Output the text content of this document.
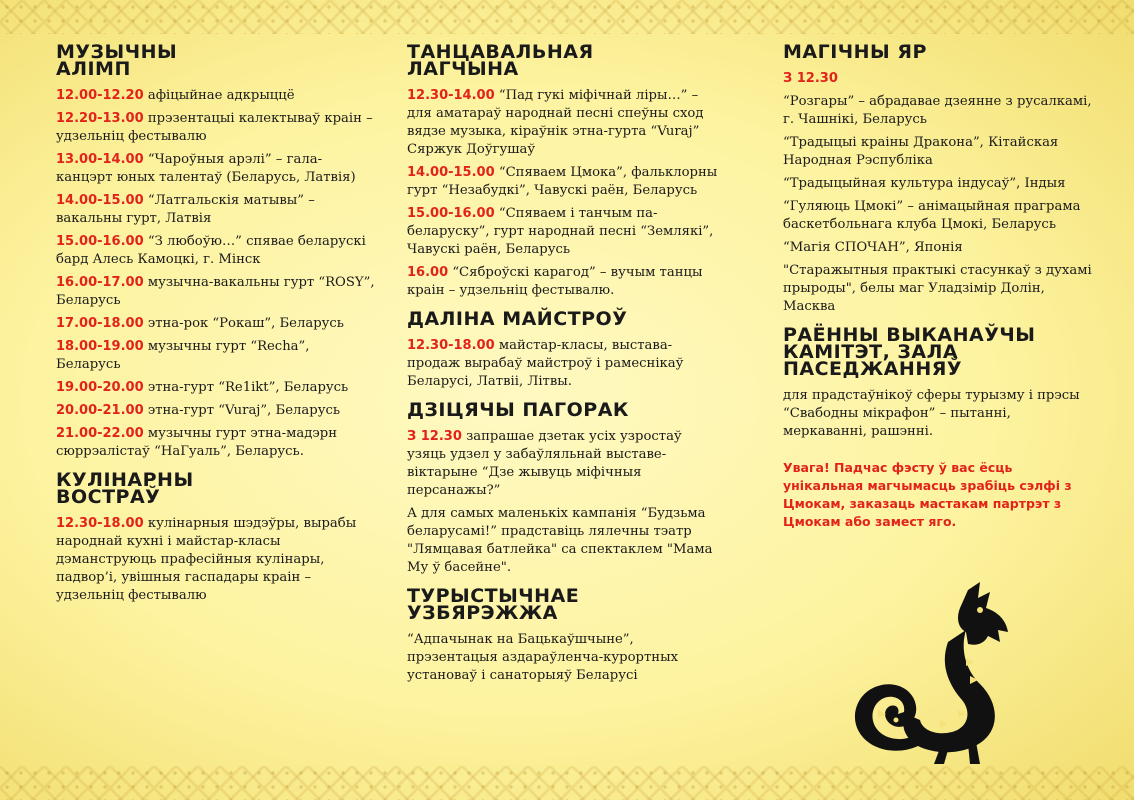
МУЗЫЧНЫ
АЛІМП
12.00-12.20 афіцыйнае адкрыццё
12.20-13.00 прэзентацыі калектываў краін – удзельніц фестывалю
13.00-14.00 “Чароўныя арэлі” – гала-канцэрт юных талентаў (Беларусь, Латвія)
14.00-15.00 “Латгальскія матывы” – вакальны гурт, Латвія
15.00-16.00 “З любоўю…” спявае беларускі бард Алесь Камоцкі, г. Мінск
16.00-17.00 музычна-вакальны гурт “ROSY”, Беларусь
17.00-18.00 этна-рок “Рокаш”, Беларусь
18.00-19.00 музычны гурт “Recha”, Беларусь
19.00-20.00 этна-гурт “Re1ikt”, Беларусь
20.00-21.00 этна-гурт “Vuraj”, Беларусь
21.00-22.00 музычны гурт этна-мадэрн сюррэалістаў “НаГуаль”, Беларусь.
КУЛІНАРНЫ
ВОСТРАЎ
12.30-18.00 кулінарныя шэдэўры, вырабы народнай кухні і майстар-класы дэманструюць прафесійныя кулінары, падвор’і, увішныя гаспадары краін – удзельніц фестывалю
ТАНЦАВАЛЬНАЯ
ЛАГЧЫНА
12.30-14.00 “Пад гукі міфічнай ліры…” – для аматараў народнай песні спеўны сход вядзе музыка, кіраўнік этна-гурта “Vuraj” Сяржук Доўгушаў
14.00-15.00 “Спяваем Цмока”, фальклорны гурт “Незабудкі”, Чавускі раён, Беларусь
15.00-16.00 “Спяваем і танчым па-беларуску”, гурт народнай песні “Землякі”, Чавускі раён, Беларусь
16.00 “Сяброўскі карагод” – вучым танцы краін – удзельніц фестывалю.
ДАЛІНА МАЙСТРОЎ
12.30-18.00 майстар-класы, выстава-продаж вырабаў майстроў і рамеснікаў Беларусі, Латвіі, Літвы.
ДЗІЦЯЧЫ ПАГОРАК
З 12.30 запрашае дзетак усіх узростаў узяць удзел у забаўляльнай выставе-віктарыне “Дзе жывуць міфічныя персанажы?”
А для самых маленькіх кампанія “Будзьма беларусамі!” прадставіць лялечны тэатр "Лямцавая батлейка" са спектаклем "Мама Му ў басейне".
ТУРЫСТЫЧНАЕ
УЗБЯРЭЖЖА
“Адпачынак на Бацькаўшчыне”, прэзентацыя аздараўленча-курортных установаў і санаторыяў Беларусі
МАГІЧНЫ ЯР
З 12.30
“Розгары” – абрадавае дзеянне з русалкамі, г. Чашнікі, Беларусь
“Традыцыі краіны Дракона”, Кітайская Народная Рэспубліка
“Традыцыйная культура індусаў”, Індыя
“Гуляюць Цмокі” – анімацыйная праграма баскетбольнага клуба Цмокі, Беларусь
“Магія СПОЧАН”, Японія
"Старажытныя практыкі стасункаў з духамі прыроды", белы маг Уладзімір Долін, Масква
РАЁННЫ ВЫКАНАЎЧЫ
КАМІТЭТ, ЗАЛА
ПАСЕДЖАННЯЎ
для прадстаўнікоў сферы турызму і прэсы “Свабодны мікрафон” – пытанні, меркаванні, рашэнні.
Увага! Падчас фэсту ў вас ёсць унікальная магчымасць зрабіць сэлфі з Цмокам, заказаць мастакам партрэт з Цмокам або замест яго.
